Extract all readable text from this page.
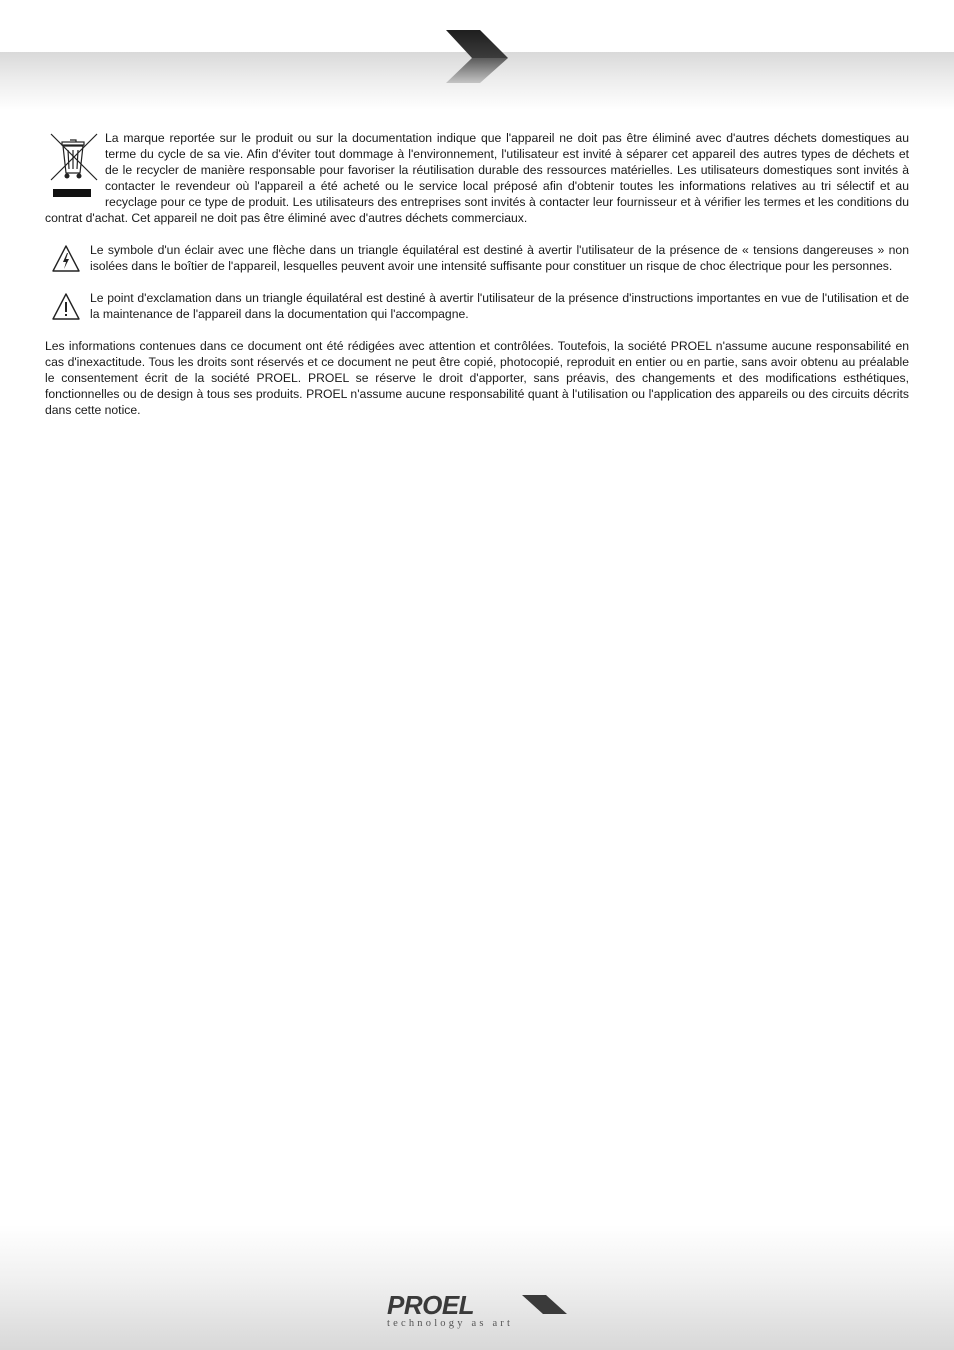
La marque reportée sur le produit ou sur la documentation indique que l'appareil ne doit pas être éliminé avec d'autres déchets domestiques au terme du cycle de sa vie. Afin d'éviter tout dommage à l'environnement, l'utilisateur est invité à séparer cet appareil des autres types de déchets et de le recycler de manière responsable pour favoriser la réutilisation durable des ressources matérielles. Les utilisateurs domestiques sont invités à contacter le revendeur où l'appareil a été acheté ou le service local préposé afin d'obtenir toutes les informations relatives au tri sélectif et au recyclage pour ce type de produit. Les utilisateurs des entreprises sont invités à contacter leur fournisseur et à vérifier les termes et les conditions du contrat d'achat. Cet appareil ne doit pas être éliminé avec d'autres déchets commerciaux.

Le symbole d'un éclair avec une flèche dans un triangle équilatéral est destiné à avertir l'utilisateur de la présence de « tensions dangereuses » non isolées dans le boîtier de l'appareil, lesquelles peuvent avoir une intensité suffisante pour constituer un risque de choc électrique pour les personnes.

Le point d'exclamation dans un triangle équilatéral est destiné à avertir l'utilisateur de la présence d'instructions importantes en vue de l'utilisation et de la maintenance de l'appareil dans la documentation qui l'accompagne.

Les informations contenues dans ce document ont été rédigées avec attention et contrôlées. Toutefois, la société PROEL n'assume aucune responsabilité en cas d'inexactitude. Tous les droits sont réservés et ce document ne peut être copié, photocopié, reproduit en entier ou en partie, sans avoir obtenu au préalable le consentement écrit de la société PROEL. PROEL se réserve le droit d'apporter, sans préavis, des changements et des modifications esthétiques, fonctionnelles ou de design à tous ses produits. PROEL n'assume aucune responsabilité quant à l'utilisation ou l'application des appareils ou des circuits décrits dans cette notice.

PROEL
technology as art
